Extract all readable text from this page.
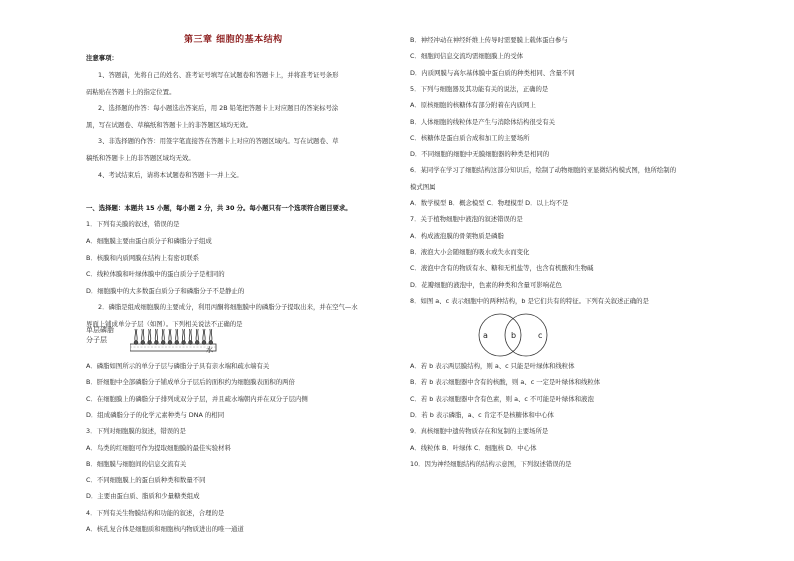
第三章 细胞的基本结构
注意事项：
1、答题前，先将自己的姓名、准考证号填写在试题卷和答题卡上，并将准考证号条形
码粘贴在答题卡上的指定位置。
2、选择题的作答：每小题选出答案后，用 2B 铅笔把答题卡上对应题目的答案标号涂
黑，写在试题卷、草稿纸和答题卡上的非答题区域均无效。
3、非选择题的作答：用签字笔直接答在答题卡上对应的答题区域内。写在试题卷、草
稿纸和答题卡上的非答题区域均无效。
4、考试结束后，请将本试题卷和答题卡一并上交。
一、选择题：本题共 15 小题，每小题 2 分，共 30 分。每小题只有一个选项符合题目要求。
1．下列有关膜的叙述，错误的是
A．细胞膜主要由蛋白质分子和磷脂分子组成
B．核膜和内质网膜在结构上有密切联系
C．线粒体膜和叶绿体膜中的蛋白质分子是相同的
D．细胞膜中的大多数蛋白质分子和磷脂分子不是静止的
2．磷脂是组成细胞膜的主要成分，利用丙酮将细胞膜中的磷脂分子提取出来，并在空气—水
界面上铺成单分子层（如图）。下列相关说法不正确的是
单层磷脂
分子层
水
A．磷脂如图所示的单分子层与磷脂分子具有亲水端和疏水端有关
B．肝细胞中全部磷脂分子铺成单分子层后的面积约为细胞膜表面积的两倍
C．在细胞膜上的磷脂分子排列成双分子层，并且疏水端朝内并在双分子层内侧
D．组成磷脂分子的化学元素种类与 DNA 的相同
3．下列对细胞膜的叙述，错误的是
A．鸟类的红细胞可作为提取细胞膜的最佳实验材料
B．细胞膜与细胞间的信息交流有关
C．不同细胞膜上的蛋白质种类和数量不同
D．主要由蛋白质、脂质和少量糖类组成
4．下列有关生物膜结构和功能的叙述，合理的是
A．核孔复合体是细胞质和细胞核内物质进出的唯一通道
B．神经冲动在神经纤维上传导时需要膜上载体蛋白参与
C．细胞间信息交流均需细胞膜上的受体
D．内质网膜与高尔基体膜中蛋白质的种类相同、含量不同
5．下列与细胞器及其功能有关的说法，正确的是
A．原核细胞的核糖体有部分附着在内质网上
B．人体细胞的线粒体是产生与消除体结构很受有关
C．核糖体是蛋白质合成和加工的主要场所
D．不同细胞的细胞中无膜细胞器的种类是相同的
6．某同学在学习了细胞结构这部分知识后，绘制了动物细胞的亚显微结构模式图，他所绘制的
模式图属
A．数学模型 B．概念模型 C．物理模型 D．以上均不是
7．关于植物细胞中液泡的叙述错误的是
A．构成液泡膜的骨架物质是磷脂
B．液泡大小会随细胞的吸水或失水而变化
C．液泡中含有的物质有水、糖和无机盐等，也含有机酸和生物碱
D．花瓣细胞的液泡中，色素的种类和含量可影响花色
8．如图 a、c 表示细胞中的两种结构，b 是它们共有的特征。下列有关叙述正确的是
a	b	c
A．若 b 表示两层膜结构，则 a、c 只能是叶绿体和线粒体
B．若 b 表示细胞器中含有的核酸，则 a、c 一定是叶绿体和线粒体
C．若 b 表示细胞器中含有色素，则 a、c 不可能是叶绿体和液泡
D．若 b 表示磷脂，a、c 肯定不是核糖体和中心体
9．真核细胞中遗传物质存在和复制的主要场所是
A．线粒体 B．叶绿体 C．细胞核 D．中心体
10．因为神经细胞结构的结构示意图，下列叙述错误的是
